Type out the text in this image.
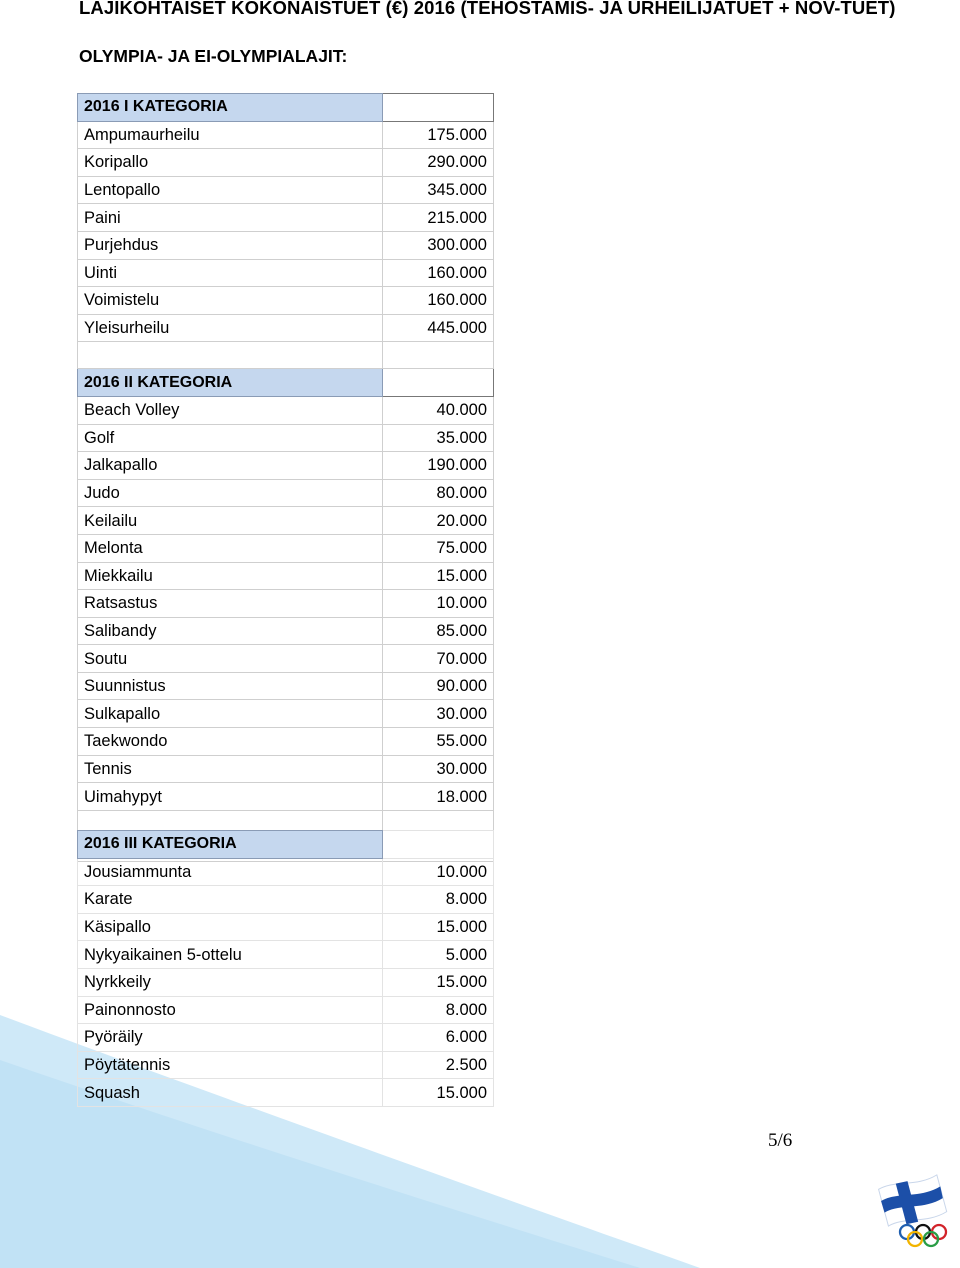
LAJIKOHTAISET KOKONAISTUET (€) 2016 (TEHOSTAMIS- JA URHEILIJATUET + NOV-TUET)
OLYMPIA- JA EI-OLYMPIALAJIT:
2016 I KATEGORIA	
Ampumaurheilu	175.000
Koripallo	290.000
Lentopallo	345.000
Paini	215.000
Purjehdus	300.000
Uinti	160.000
Voimistelu	160.000
Yleisurheilu	445.000

2016 II KATEGORIA	
Beach Volley	40.000
Golf	35.000
Jalkapallo	190.000
Judo	80.000
Keilailu	20.000
Melonta	75.000
Miekkailu	15.000
Ratsastus	10.000
Salibandy	85.000
Soutu	70.000
Suunnistus	90.000
Sulkapallo	30.000
Taekwondo	55.000
Tennis	30.000
Uimahypyt	18.000

2016 III KATEGORIA	
Jousiammunta	10.000
Karate	8.000
Käsipallo	15.000
Nykyaikainen 5-ottelu	5.000
Nyrkkeily	15.000
Painonnosto	8.000
Pyöräily	6.000
Pöytätennis	2.500
Squash	15.000
5/6
